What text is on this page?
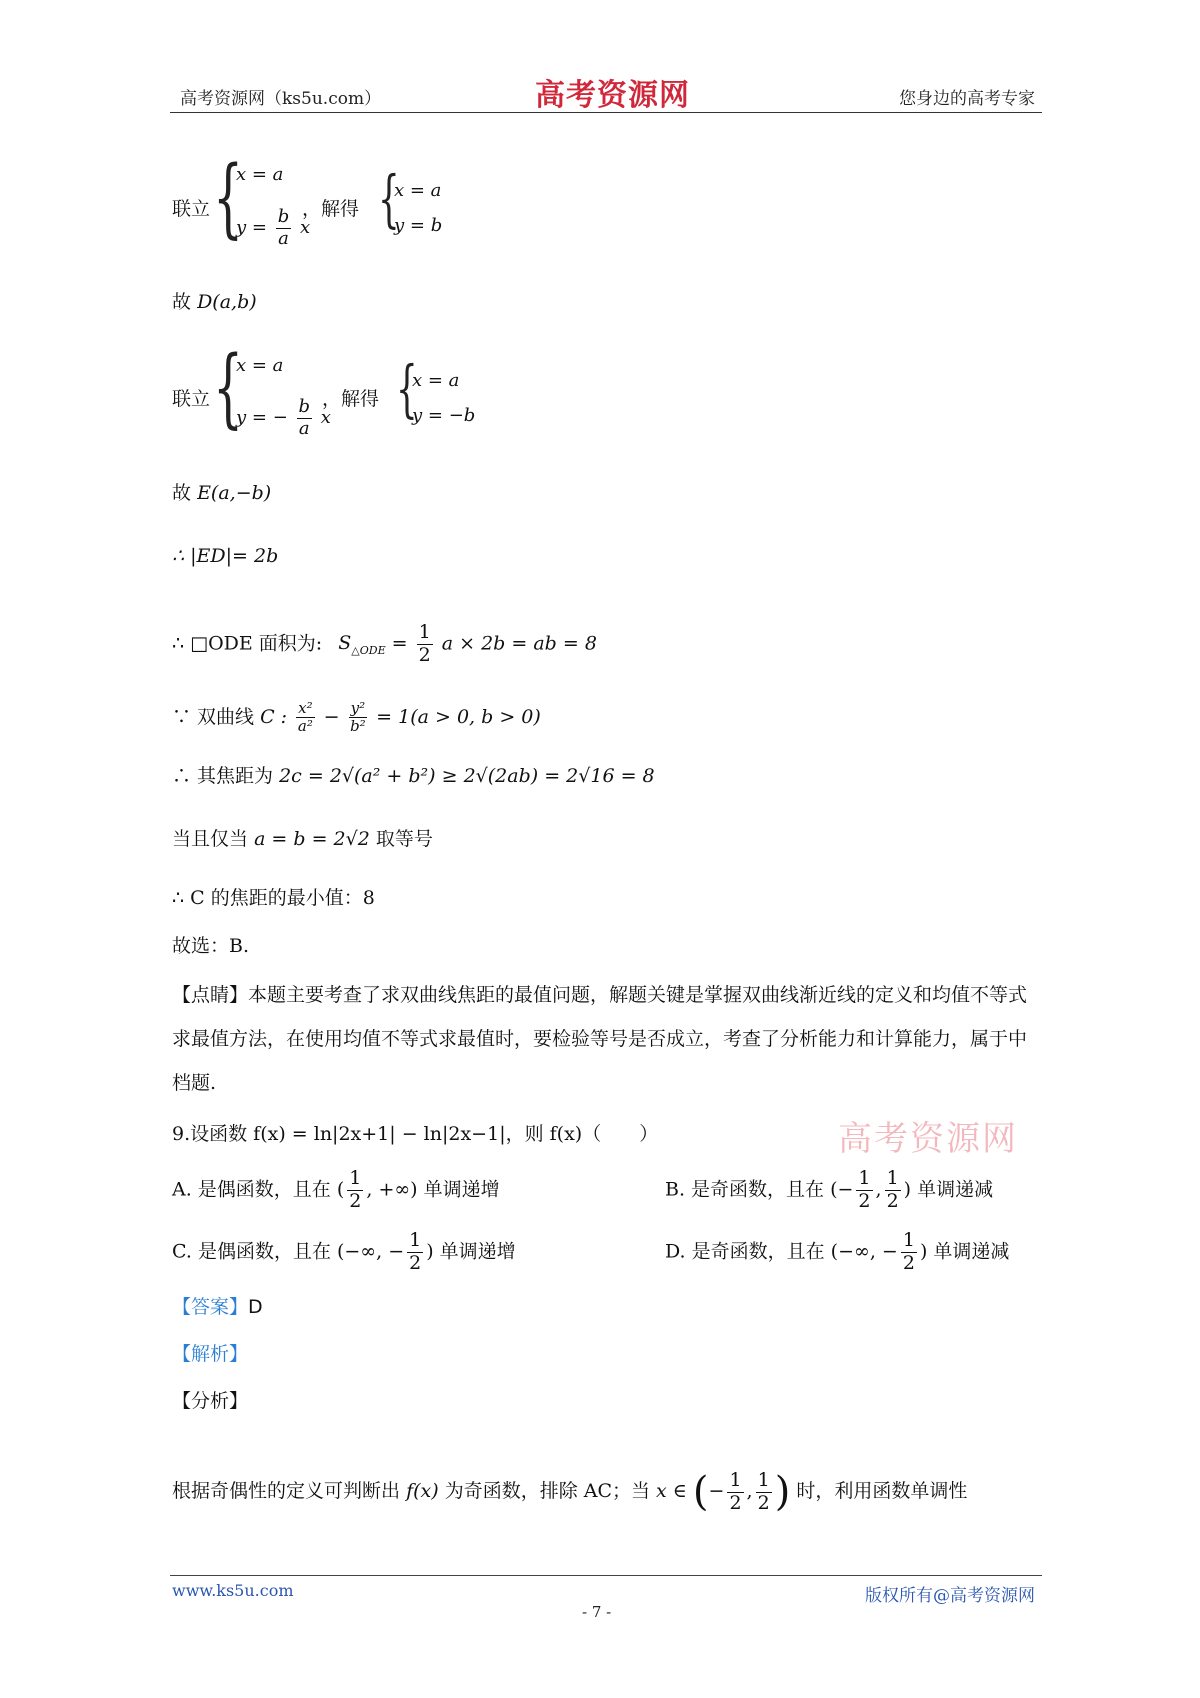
高考资源网（ks5u.com）	高考资源网	您身边的高考专家
联立 {
x = a
$y = \frac{b}{a}$ x
，解得 {
x = a
y = b
故 D(a,b)
联立 {
x = a
y = − $\frac{b}{a}$ x
，解得 {
x = a
y = −b
故 E(a,−b)
∴ |ED|= 2b
∴ □ODE 面积为: $S_{\triangle ODE} = \frac{1}{2}$ a × 2b = ab = 8
∵ 双曲线 C : $\frac{\text{x²}}{\text{a²}} - \frac{\text{y²}}{\text{b²}} = 1(a > 0$, b > 0)
∴ 其焦距为 2c = 2√(a² + b²) ≥ 2√(2ab) = 2√16 = 8
当且仅当 a = b = 2√2 取等号
∴ C 的焦距的最小值：8
故选：B.
【点睛】本题主要考查了求双曲线焦距的最值问题，解题关键是掌握双曲线渐近线的定义和均值不等式求最值方法，在使用均值不等式求最值时，要检验等号是否成立，考查了分析能力和计算能力，属于中档题.
9.设函数 f(x) = ln|2x+1| − ln|2x−1|，则 f(x)（　　）	高考资源网
A. 是偶函数，且在 ( $\frac{1}{2}$ , +∞) 单调递增	B. 是奇函数，且在 (− $\frac{1}{2}$ , $\frac{1}{2}$ ) 单调递减
C. 是偶函数，且在 (−∞, − $\frac{1}{2}$ ) 单调递增	D. 是奇函数，且在 (−∞, − $\frac{1}{2}$ ) 单调递减
【答案】D
【解析】
【分析】
根据奇偶性的定义可判断出 f(x) 为奇函数，排除 AC；当 x ∈ (− $\frac{1}{2}$ , $\frac{1}{2}$ ) 时，利用函数单调性
www.ks5u.com	版权所有@高考资源网
- 7 -
